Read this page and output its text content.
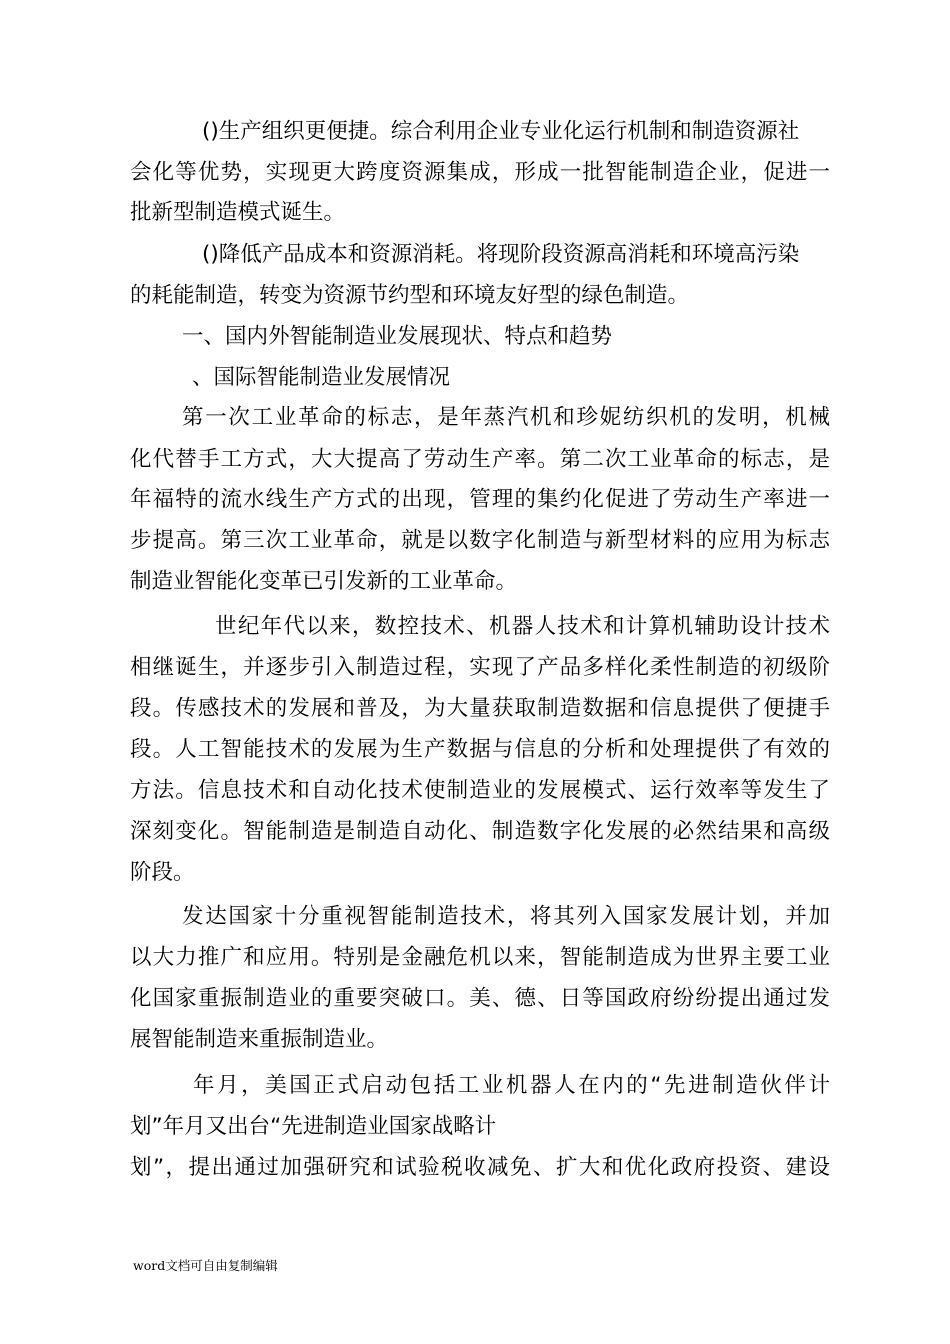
()生产组织更便捷。综合利用企业专业化运行机制和制造资源社
会化等优势，实现更大跨度资源集成，形成一批智能制造企业，促进一
批新型制造模式诞生。
()降低产品成本和资源消耗。将现阶段资源高消耗和环境高污染
的耗能制造，转变为资源节约型和环境友好型的绿色制造。
一、国内外智能制造业发展现状、特点和趋势
、国际智能制造业发展情况
第一次工业革命的标志，是年蒸汽机和珍妮纺织机的发明，机械
化代替手工方式，大大提高了劳动生产率。第二次工业革命的标志，是
年福特的流水线生产方式的出现，管理的集约化促进了劳动生产率进一
步提高。第三次工业革命，就是以数字化制造与新型材料的应用为标志
制造业智能化变革已引发新的工业革命。
世纪年代以来，数控技术、机器人技术和计算机辅助设计技术
相继诞生，并逐步引入制造过程，实现了产品多样化柔性制造的初级阶
段。传感技术的发展和普及，为大量获取制造数据和信息提供了便捷手
段。人工智能技术的发展为生产数据与信息的分析和处理提供了有效的
方法。信息技术和自动化技术使制造业的发展模式、运行效率等发生了
深刻变化。智能制造是制造自动化、制造数字化发展的必然结果和高级
阶段。
发达国家十分重视智能制造技术，将其列入国家发展计划，并加
以大力推广和应用。特别是金融危机以来，智能制造成为世界主要工业
化国家重振制造业的重要突破口。美、德、日等国政府纷纷提出通过发
展智能制造来重振制造业。
年月，美国正式启动包括工业机器人在内的“先进制造伙伴计
划”年月又出台“先进制造业国家战略计
划”，提出通过加强研究和试验税收减免、扩大和优化政府投资、建设
word文档可自由复制编辑
